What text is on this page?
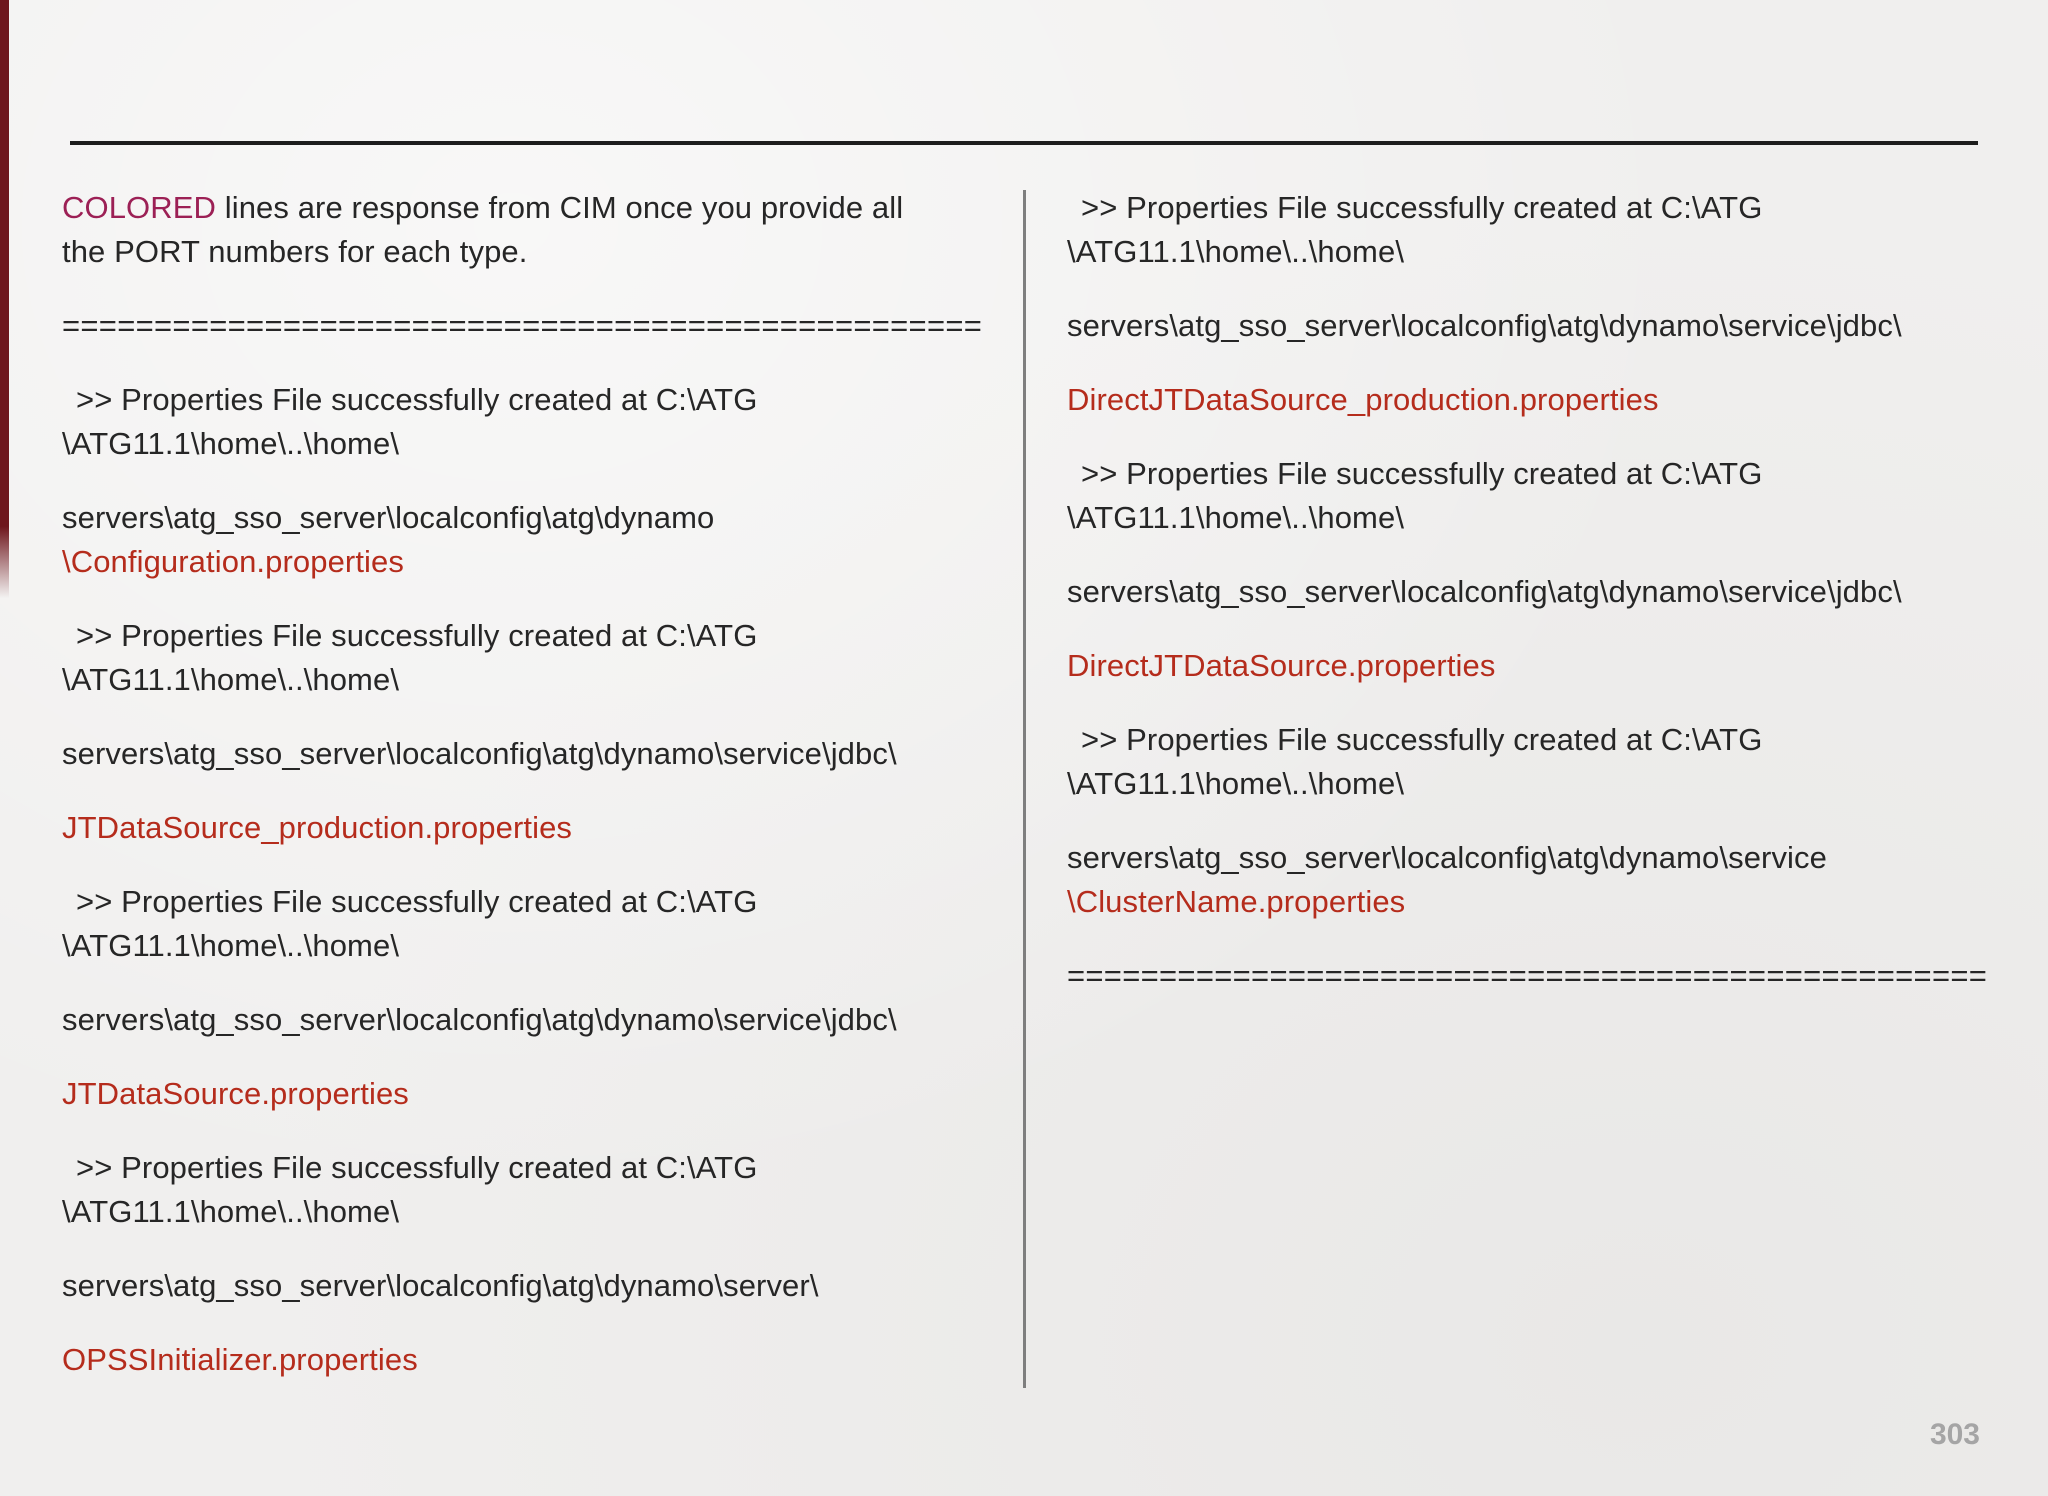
COLORED lines are response from CIM once you provide all
the PORT numbers for each type.
==================================================
>> Properties File successfully created at C:\ATG
\ATG11.1\home\..\home\
servers\atg_sso_server\localconfig\atg\dynamo
\Configuration.properties
>> Properties File successfully created at C:\ATG
\ATG11.1\home\..\home\
servers\atg_sso_server\localconfig\atg\dynamo\service\jdbc\
JTDataSource_production.properties
>> Properties File successfully created at C:\ATG
\ATG11.1\home\..\home\
servers\atg_sso_server\localconfig\atg\dynamo\service\jdbc\
JTDataSource.properties
>> Properties File successfully created at C:\ATG
\ATG11.1\home\..\home\
servers\atg_sso_server\localconfig\atg\dynamo\server\
OPSSInitializer.properties
>> Properties File successfully created at C:\ATG
\ATG11.1\home\..\home\
servers\atg_sso_server\localconfig\atg\dynamo\service\jdbc\
DirectJTDataSource_production.properties
>> Properties File successfully created at C:\ATG
\ATG11.1\home\..\home\
servers\atg_sso_server\localconfig\atg\dynamo\service\jdbc\
DirectJTDataSource.properties
>> Properties File successfully created at C:\ATG
\ATG11.1\home\..\home\
servers\atg_sso_server\localconfig\atg\dynamo\service
\ClusterName.properties
==================================================
303
